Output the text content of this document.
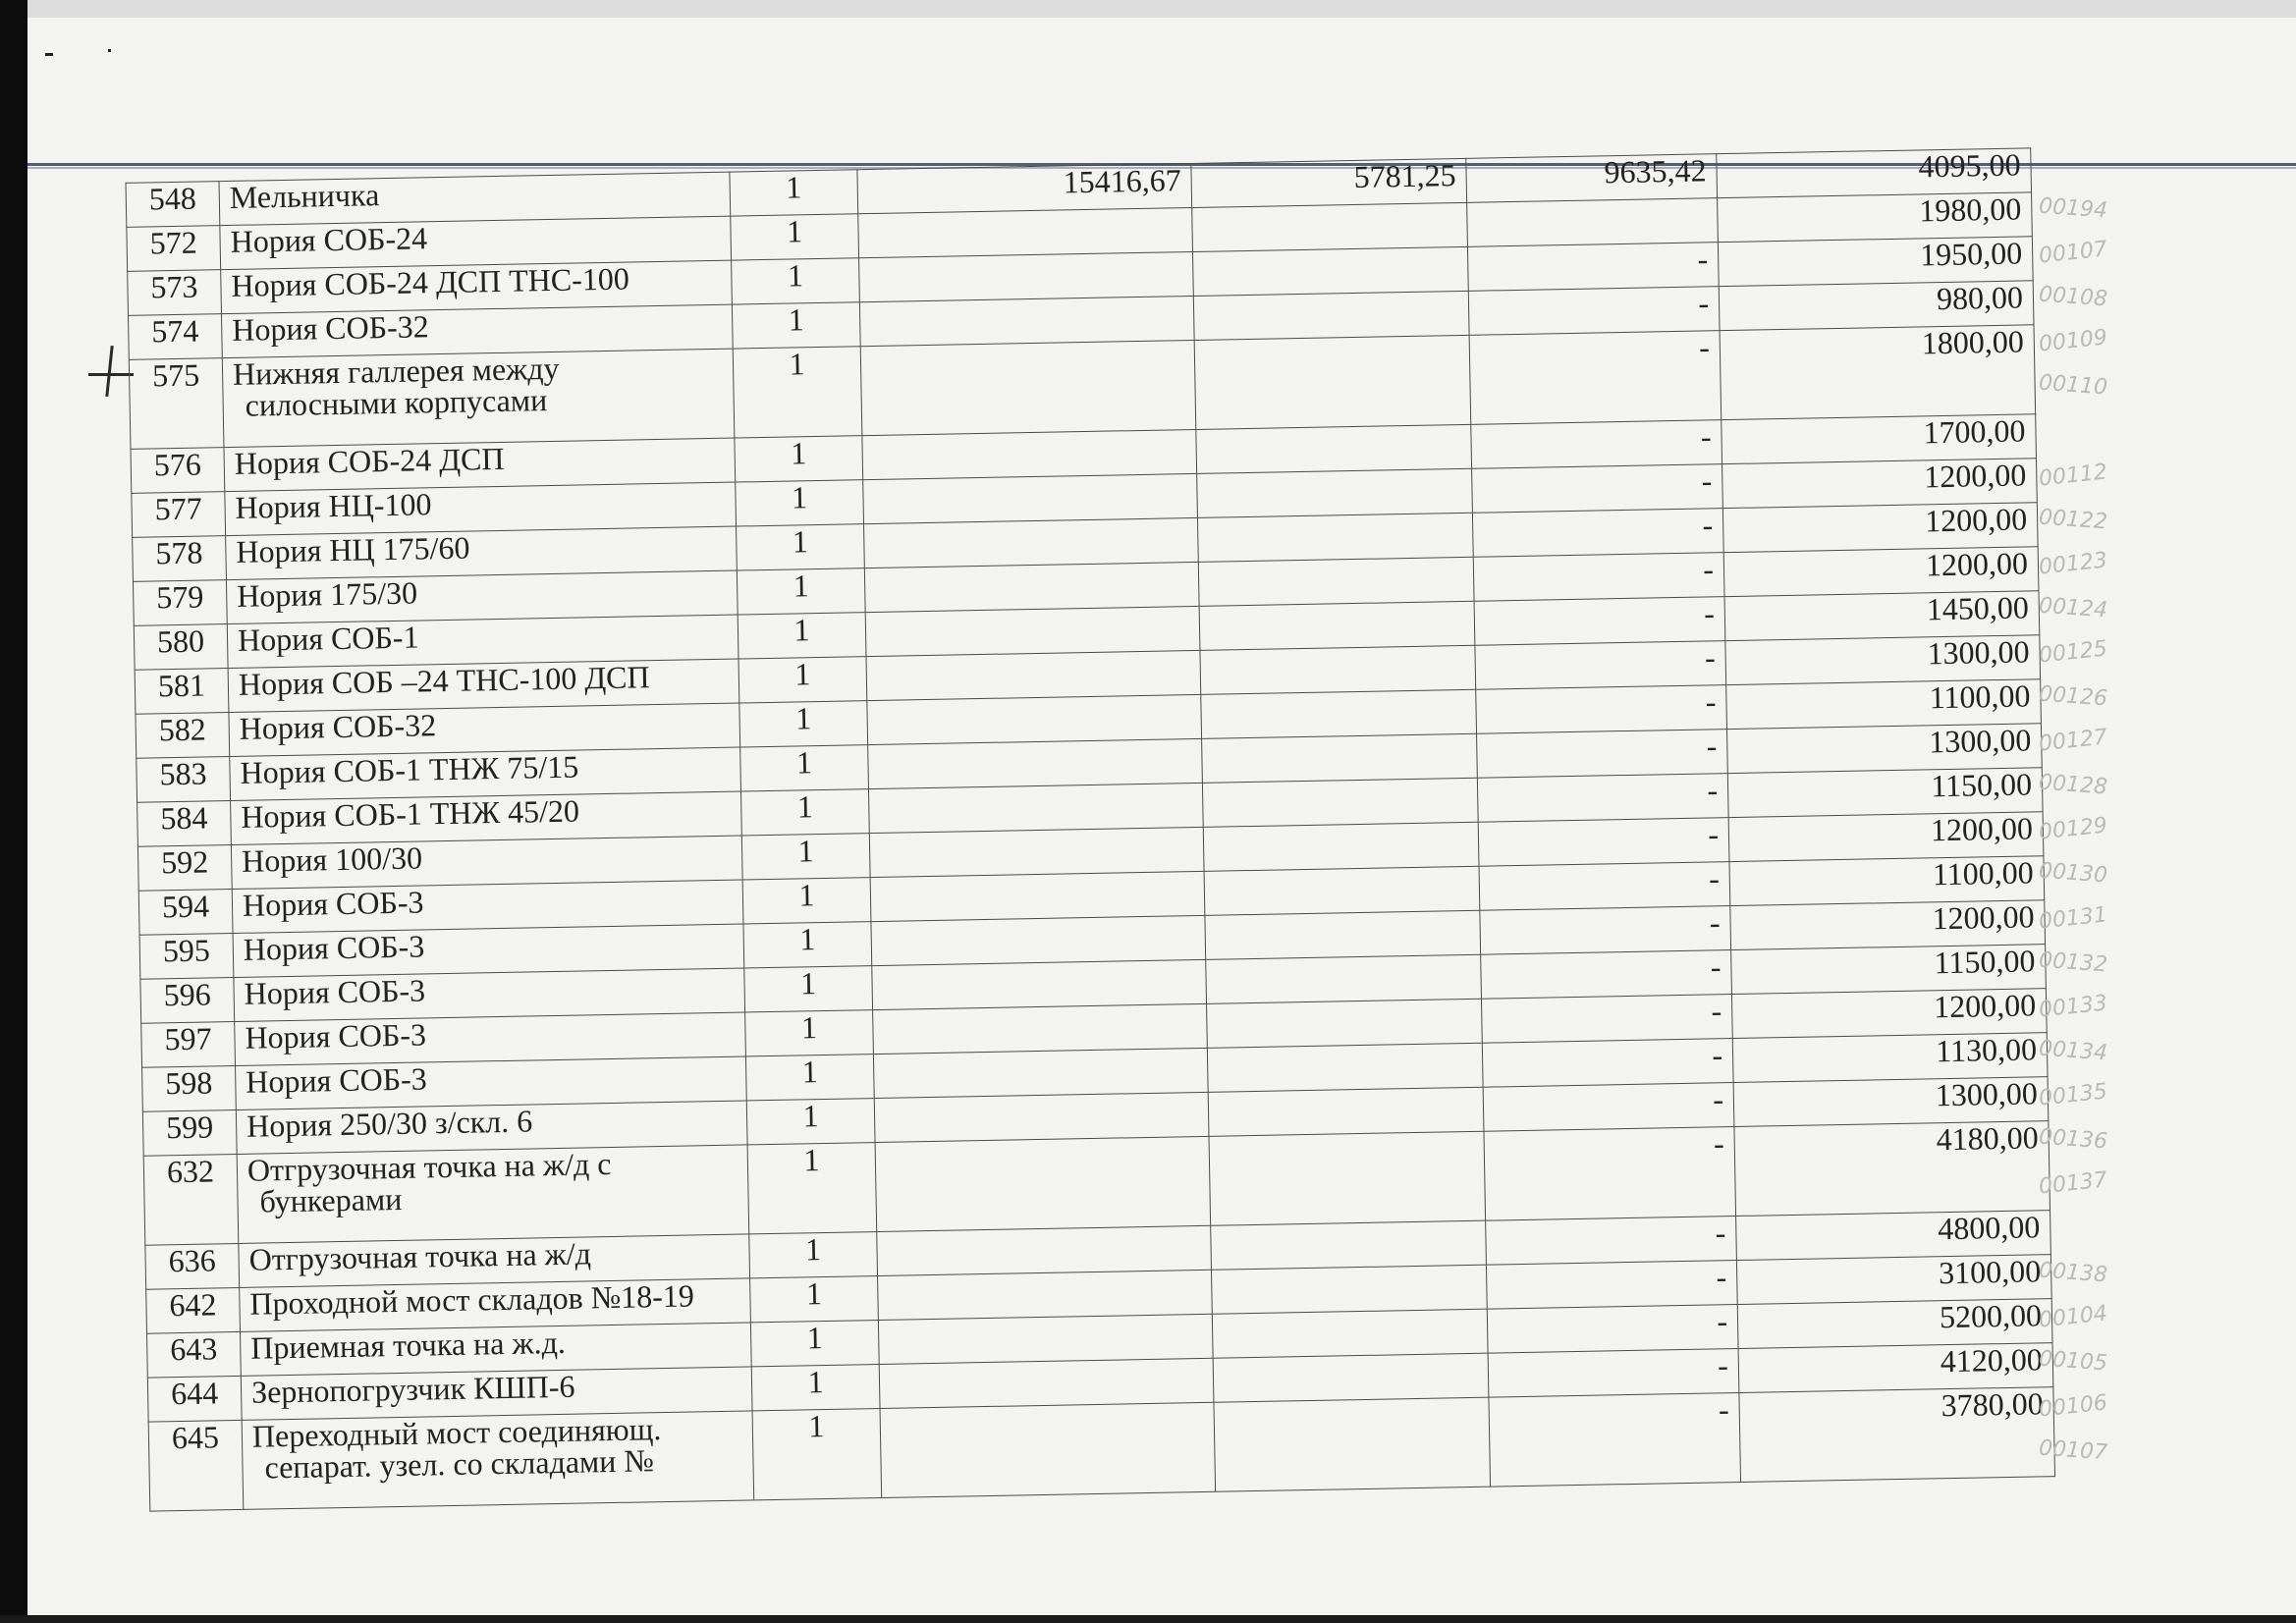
548	Мельничка	1	15416,67	5781,25	9635,42	4095,00
572	Нория СОБ-24	1				1980,00
573	Нория СОБ-24 ДСП ТНС-100	1			-	1950,00
574	Нория СОБ-32	1			-	980,00
575	Нижняя галлерея между
силосными корпусами	1			-	1800,00
576	Нория СОБ-24 ДСП	1			-	1700,00
577	Нория НЦ-100	1			-	1200,00
578	Нория НЦ 175/60	1			-	1200,00
579	Нория 175/30	1			-	1200,00
580	Нория СОБ-1	1			-	1450,00
581	Нория СОБ –24 ТНС-100 ДСП	1			-	1300,00
582	Нория СОБ-32	1			-	1100,00
583	Нория СОБ-1 ТНЖ 75/15	1			-	1300,00
584	Нория СОБ-1 ТНЖ 45/20	1			-	1150,00
592	Нория 100/30	1			-	1200,00
594	Нория СОБ-3	1			-	1100,00
595	Нория СОБ-3	1			-	1200,00
596	Нория СОБ-3	1			-	1150,00
597	Нория СОБ-3	1			-	1200,00
598	Нория СОБ-3	1			-	1130,00
599	Нория 250/30 з/скл. 6	1			-	1300,00
632	Отгрузочная точка на ж/д с
бункерами	1			-	4180,00
636	Отгрузочная точка на ж/д	1			-	4800,00
642	Проходной мост складов №18-19	1			-	3100,00
643	Приемная точка на ж.д.	1			-	5200,00
644	Зернопогрузчик КШП-6	1			-	4120,00
645	Переходный мост соединяющ.
сепарат. узел. со складами №	1			-	3780,00
00194
00107
00108
00109
00110
00112
00122
00123
00124
00125
00126
00127
00128
00129
00130
00131
00132
00133
00134
00135
00136
00137
00138
00104
00105
00106
00107
